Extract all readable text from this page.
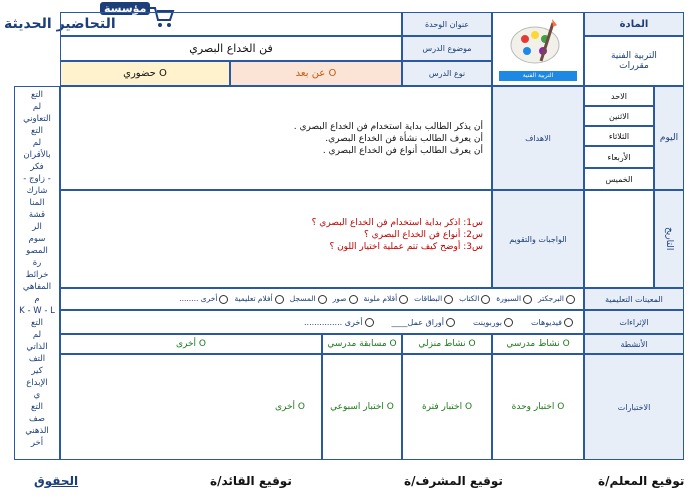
مؤسسة
التحاضير الحديثة	المادة
التربية الفنية مقررات
التربية الفنية
عنوان الوحدة
موضوع الدرس
نوع الدرس
فن الخداع البصري
عن بعد O
حضوري O
التع
لم
التعاوني
التع
لم
بالأقران
فكر
- زاوج -
شارك
المنا
قشة
الر
سوم
المصو
رة
خرائط
المفاهي
م
K - W - L
التع
لم
الذاتي
التف
كير
الإبداع
ي
التع
صف
الذهني
أخر
اليوم
التاريخ
الاحد
الاثنين
الثلاثاء
الأربعاء
الخميس
الاهداف
أن يذكر الطالب بداية استخدام فن الخداع البصري .
أن يعرف الطالب نشأة فن الخداع البصري.
أن يعرف الطالب أنواع فن الخداع البصري .
الواجبات والتقويم
س1: اذكر بداية استخدام فن الخداع البصري ؟
س2: أنواع فن الخداع البصري ؟
س3: أوضح كيف تتم عملية اختيار اللون ؟
المعينات التعليمية
البرجكتر
السبورة
الكتاب
البطاقات
أقلام ملونة
صور
المسجل
أفلام تعليمية
أخرى ........
الإثراءات
فيديوهات
بوربوينت
أوراق عمل____
أخرى ...............
الأنشطة
نشاط مدرسي O
نشاط منزلي O
مسابقة مدرسي O
أخرى O
الاختبارات
اختبار وحدة O
اختبار فترة O
اختبار اسبوعي O
أخرى O
توقيع المعلم/ة
توقيع المشرف/ة
توقيع القائد/ة
الحقوق
